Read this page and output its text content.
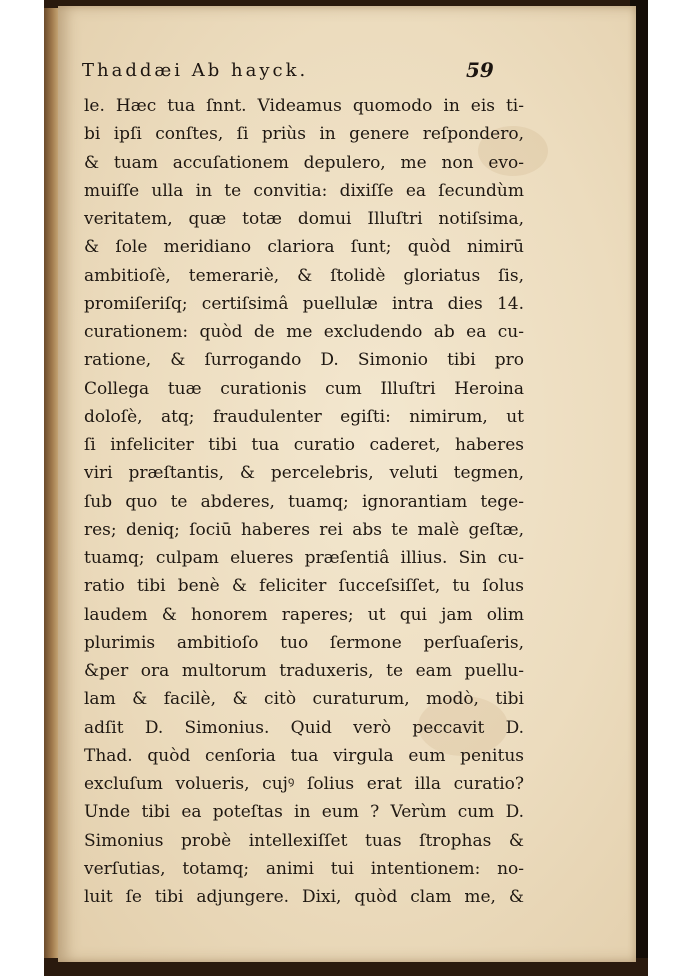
Thaddæi Ab hayck.	59
le. Hæc tua ſnnt. Videamus quomodo in eis ti-
bi ipſi conſtes, ſi priùs in genere reſpondero,
& tuam accuſationem depulero, me non evo-
muiſſe ulla in te convitia: dixiſſe ea ſecundùm
veritatem, quæ totæ domui Illuſtri notiſsima,
& ſole meridiano clariora ſunt; quòd nimirū
ambitioſè, temerariè, & ſtolidè gloriatus ſis,
promiſeriſq; certiſsimâ puellulæ intra dies 14.
curationem: quòd de me excludendo ab ea cu-
ratione, & ſurrogando D. Simonio tibi pro
Collega tuæ curationis cum Illuſtri Heroina
doloſè, atq; fraudulenter egiſti: nimirum, ut
ſi infeliciter tibi tua curatio caderet, haberes
viri præſtantis, & percelebris, veluti tegmen,
ſub quo te abderes, tuamq; ignorantiam tege-
res; deniq; ſociū haberes rei abs te malè geſtæ,
tuamq; culpam elueres præſentiâ illius. Sin cu-
ratio tibi benè & feliciter ſucceſsiſſet, tu ſolus
laudem & honorem raperes; ut qui jam olim
plurimis ambitioſo tuo ſermone perſuaſeris,
&per ora multorum traduxeris, te eam puellu-
lam & facilè, & citò curaturum, modò, tibi
adſit D. Simonius. Quid verò peccavit D.
Thad. quòd cenſoria tua virgula eum penitus
excluſum volueris, cujꝰ ſolius erat illa curatio?
Unde tibi ea poteſtas in eum ? Verùm cum D.
Simonius probè intellexiſſet tuas ſtrophas &
verſutias, totamq; animi tui intentionem: no-
luit ſe tibi adjungere. Dixi, quòd clam me, &
